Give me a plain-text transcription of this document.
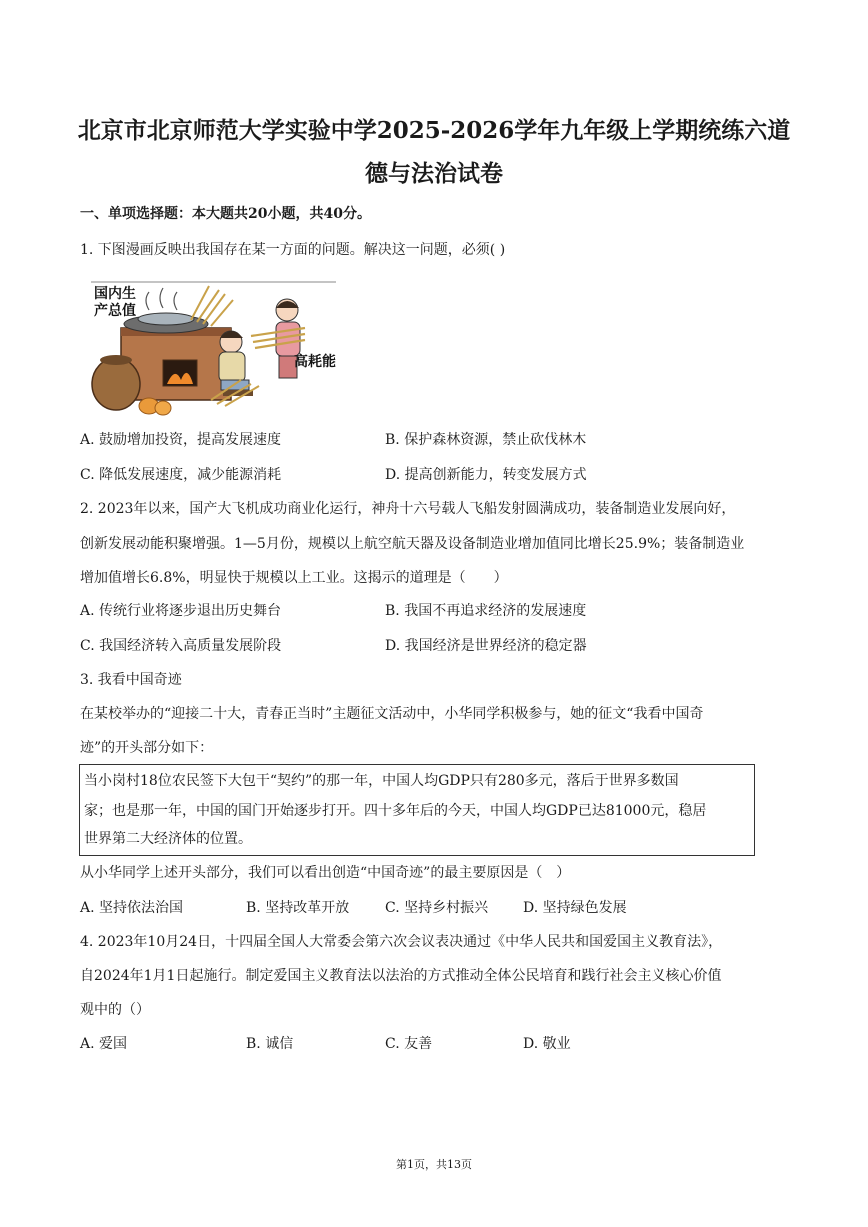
北京市北京师范大学实验中学2025-2026学年九年级上学期统练六道
德与法治试卷
一、单项选择题：本大题共20小题，共40分。
1. 下图漫画反映出我国存在某一方面的问题。解决这一问题，必须( )
国内生
产总值
高耗能
A. 鼓励增加投资，提高发展速度	B. 保护森林资源，禁止砍伐林木
C. 降低发展速度，减少能源消耗	D. 提高创新能力，转变发展方式
2. 2023年以来，国产大飞机成功商业化运行，神舟十六号载人飞船发射圆满成功，装备制造业发展向好，
创新发展动能积聚增强。1—5月份，规模以上航空航天器及设备制造业增加值同比增长25.9%；装备制造业
增加值增长6.8%，明显快于规模以上工业。这揭示的道理是（　　）
A. 传统行业将逐步退出历史舞台	B. 我国不再追求经济的发展速度
C. 我国经济转入高质量发展阶段	D. 我国经济是世界经济的稳定器
3. 我看中国奇迹
在某校举办的“迎接二十大，青春正当时”主题征文活动中，小华同学积极参与，她的征文“我看中国奇
迹”的开头部分如下：
当小岗村18位农民签下大包干“契约”的那一年，中国人均GDP只有280多元，落后于世界多数国
家；也是那一年，中国的国门开始逐步打开。四十多年后的今天，中国人均GDP已达81000元，稳居
世界第二大经济体的位置。
从小华同学上述开头部分，我们可以看出创造“中国奇迹”的最主要原因是（　）
A. 坚持依法治国	B. 坚持改革开放	C. 坚持乡村振兴 D. 坚持绿色发展
4. 2023年10月24日，十四届全国人大常委会第六次会议表决通过《中华人民共和国爱国主义教育法》，
自2024年1月1日起施行。制定爱国主义教育法以法治的方式推动全体公民培育和践行社会主义核心价值
观中的（）
A. 爱国	B. 诚信	C. 友善	D. 敬业
第1页，共13页
